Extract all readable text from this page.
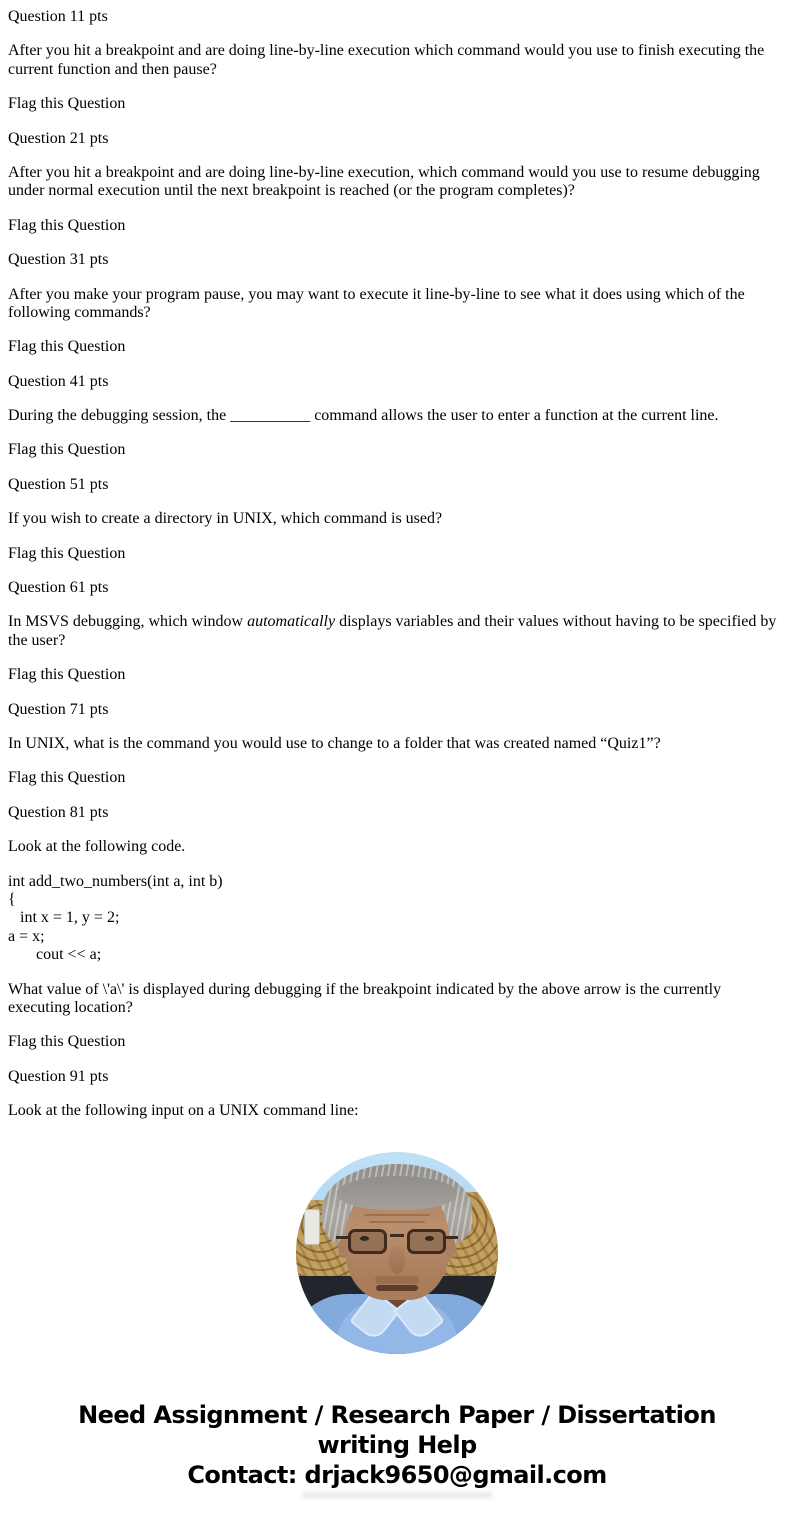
Question 11 pts

After you hit a breakpoint and are doing line-by-line execution which command would you use to finish executing the current function and then pause?

Flag this Question

Question 21 pts

After you hit a breakpoint and are doing line-by-line execution, which command would you use to resume debugging under normal execution until the next breakpoint is reached (or the program completes)?

Flag this Question

Question 31 pts

After you make your program pause, you may want to execute it line-by-line to see what it does using which of the following commands?

Flag this Question

Question 41 pts

During the debugging session, the __________ command allows the user to enter a function at the current line.

Flag this Question

Question 51 pts

If you wish to create a directory in UNIX, which command is used?

Flag this Question

Question 61 pts

In MSVS debugging, which window automatically displays variables and their values without having to be specified by the user?

Flag this Question

Question 71 pts

In UNIX, what is the command you would use to change to a folder that was created named “Quiz1”?

Flag this Question

Question 81 pts

Look at the following code.

int add_two_numbers(int a, int b)
{
int x = 1, y = 2;
a = x;
cout << a;

What value of \'a\' is displayed during debugging if the breakpoint indicated by the above arrow is the currently executing location?

Flag this Question

Question 91 pts

Look at the following input on a UNIX command line:

Need Assignment / Research Paper / Dissertation
writing Help
Contact: drjack9650@gmail.com
